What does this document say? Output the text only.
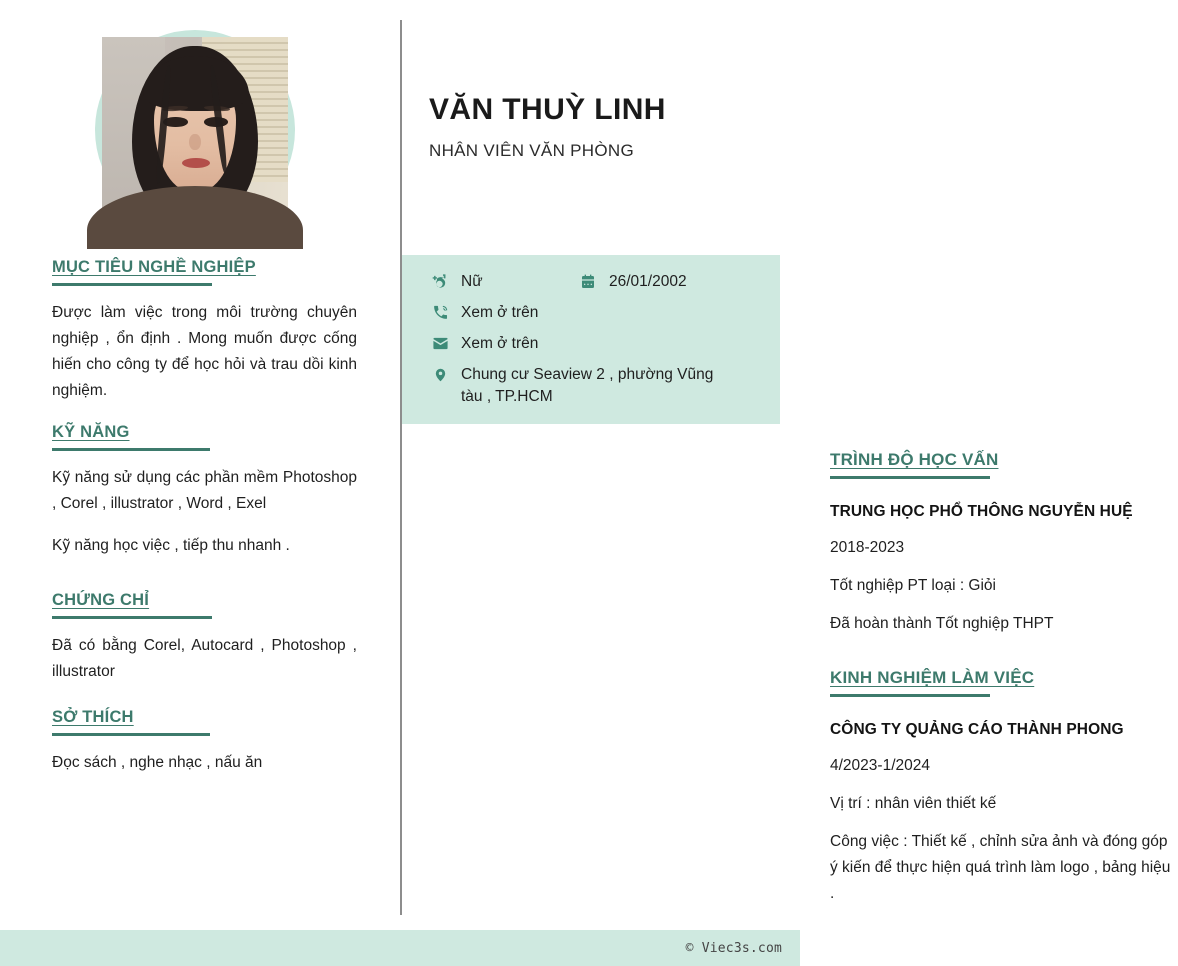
MỤC TIÊU NGHỀ NGHIỆP
Được làm việc trong môi trường chuyên nghiệp , ổn định . Mong muốn được cống hiến cho công ty để học hỏi và trau dồi kinh nghiệm.
KỸ NĂNG
Kỹ năng sử dụng các phần mềm Photoshop , Corel , illustrator , Word , Exel
Kỹ năng học việc , tiếp thu nhanh .
CHỨNG CHỈ
Đã có bằng Corel, Autocard , Photoshop , illustrator
SỞ THÍCH
Đọc sách , nghe nhạc , nấu ăn
VĂN THUỲ LINH
NHÂN VIÊN VĂN PHÒNG
Nữ	26/01/2002
Xem ở trên
Xem ở trên
Chung cư Seaview 2 , phường Vũng tàu , TP.HCM
TRÌNH ĐỘ HỌC VẤN
TRUNG HỌC PHỔ THÔNG NGUYỄN HUỆ
2018-2023
Tốt nghiệp PT loại : Giỏi
Đã hoàn thành Tốt nghiệp THPT
KINH NGHIỆM LÀM VIỆC
CÔNG TY QUẢNG CÁO THÀNH PHONG
4/2023-1/2024
Vị trí : nhân viên thiết kế
Công việc : Thiết kế , chỉnh sửa ảnh và đóng góp ý kiến để thực hiện quá trình làm logo , bảng hiệu .
© Viec3s.com
